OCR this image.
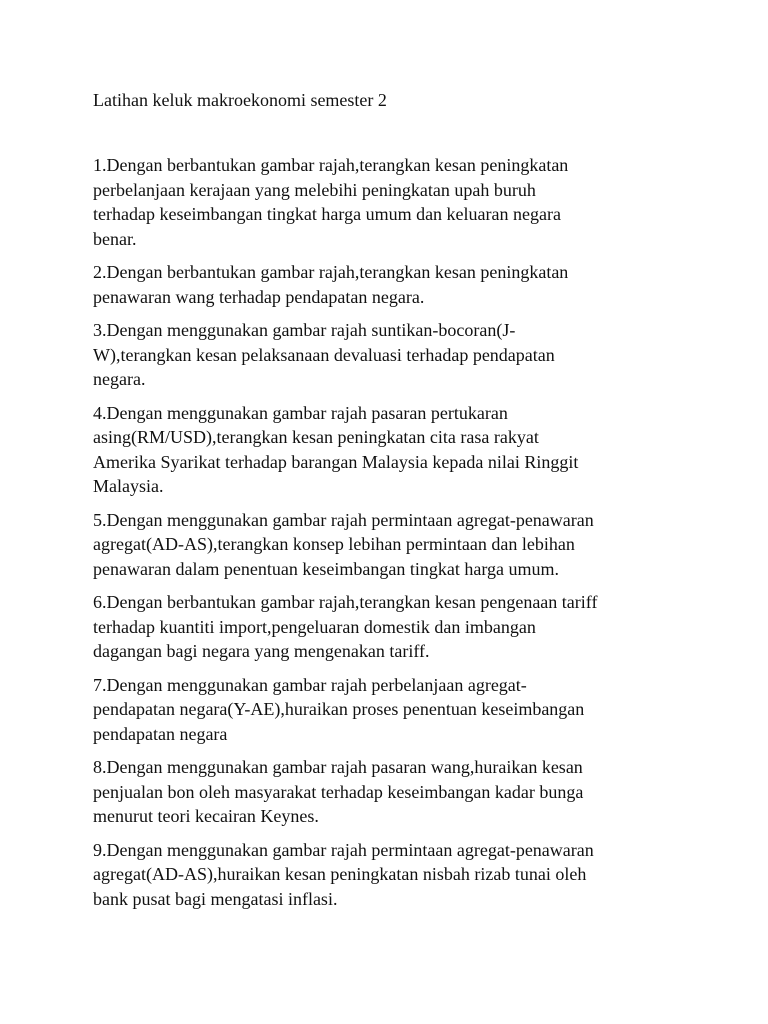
Latihan keluk makroekonomi semester 2

1.Dengan berbantukan gambar rajah,terangkan kesan peningkatan
perbelanjaan kerajaan yang melebihi peningkatan upah buruh
terhadap keseimbangan tingkat harga umum dan keluaran negara
benar.

2.Dengan berbantukan gambar rajah,terangkan kesan peningkatan
penawaran wang terhadap pendapatan negara.

3.Dengan menggunakan gambar rajah suntikan-bocoran(J-
W),terangkan kesan pelaksanaan devaluasi terhadap pendapatan
negara.

4.Dengan menggunakan gambar rajah pasaran pertukaran
asing(RM/USD),terangkan kesan peningkatan cita rasa rakyat
Amerika Syarikat terhadap barangan Malaysia kepada nilai Ringgit
Malaysia.

5.Dengan menggunakan gambar rajah permintaan agregat-penawaran
agregat(AD-AS),terangkan konsep lebihan permintaan dan lebihan
penawaran dalam penentuan keseimbangan tingkat harga umum.

6.Dengan berbantukan gambar rajah,terangkan kesan pengenaan tariff
terhadap kuantiti import,pengeluaran domestik dan imbangan
dagangan bagi negara yang mengenakan tariff.

7.Dengan menggunakan gambar rajah perbelanjaan agregat-
pendapatan negara(Y-AE),huraikan proses penentuan keseimbangan
pendapatan negara

8.Dengan menggunakan gambar rajah pasaran wang,huraikan kesan
penjualan bon oleh masyarakat terhadap keseimbangan kadar bunga
menurut teori kecairan Keynes.

9.Dengan menggunakan gambar rajah permintaan agregat-penawaran
agregat(AD-AS),huraikan kesan peningkatan nisbah rizab tunai oleh
bank pusat bagi mengatasi inflasi.
